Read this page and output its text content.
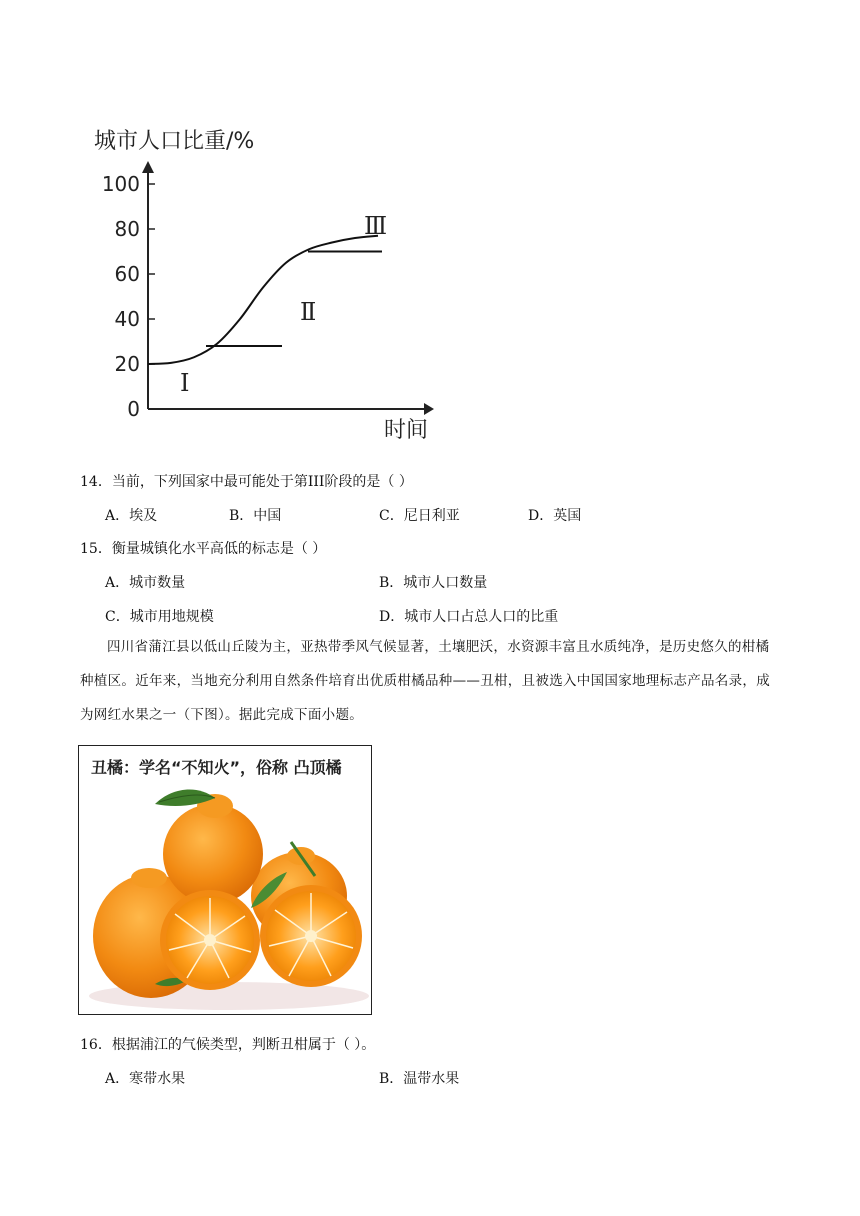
城市人口比重/%
时间
0
20
40
60
80
100
Ⅰ
Ⅱ
Ⅲ
14．当前，下列国家中最可能处于第III阶段的是（ ）
A．埃及	B．中国	C．尼日利亚	D．英国
15．衡量城镇化水平高低的标志是（ ）
A．城市数量	B．城市人口数量
C．城市用地规模	D．城市人口占总人口的比重
四川省蒲江县以低山丘陵为主，亚热带季风气候显著，土壤肥沃，水资源丰富且水质纯净，是历史悠久的柑橘种植区。近年来，当地充分利用自然条件培育出优质柑橘品种——丑柑，且被选入中国国家地理标志产品名录，成为网红水果之一（下图）。据此完成下面小题。
丑橘：学名“不知火”，俗称 凸顶橘
16．根据浦江的气候类型，判断丑柑属于（ ）。
A．寒带水果	B．温带水果
